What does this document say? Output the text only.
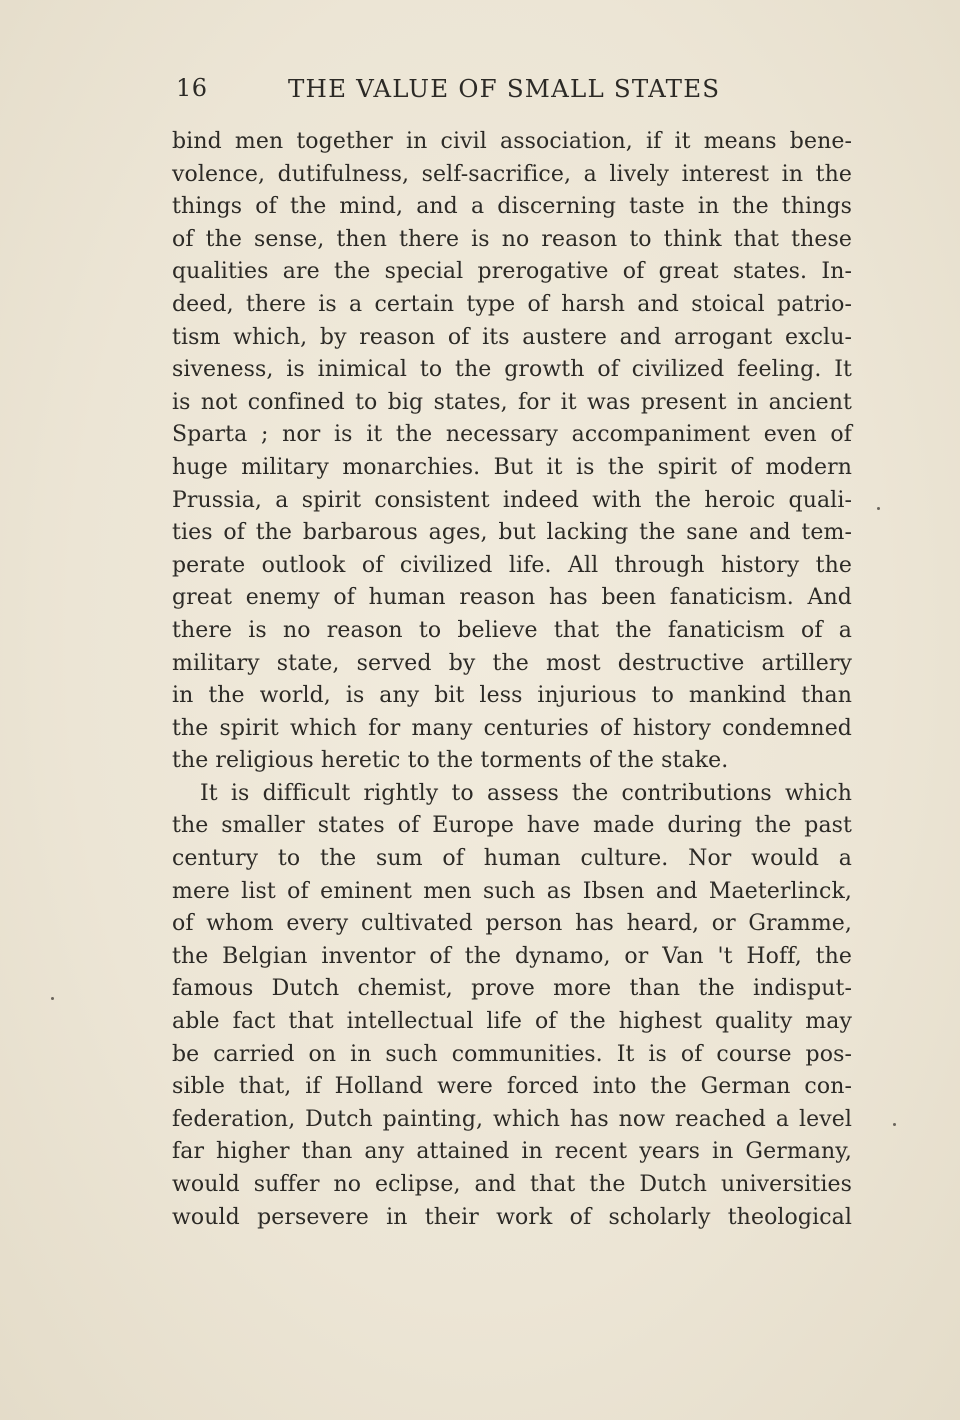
16	THE VALUE OF SMALL STATES
bind men together in civil association, if it means bene-
volence, dutifulness, self-sacrifice, a lively interest in the
things of the mind, and a discerning taste in the things
of the sense, then there is no reason to think that these
qualities are the special prerogative of great states. In-
deed, there is a certain type of harsh and stoical patrio-
tism which, by reason of its austere and arrogant exclu-
siveness, is inimical to the growth of civilized feeling. It
is not confined to big states, for it was present in ancient
Sparta ; nor is it the necessary accompaniment even of
huge military monarchies. But it is the spirit of modern
Prussia, a spirit consistent indeed with the heroic quali-
ties of the barbarous ages, but lacking the sane and tem-
perate outlook of civilized life. All through history the
great enemy of human reason has been fanaticism. And
there is no reason to believe that the fanaticism of a
military state, served by the most destructive artillery
in the world, is any bit less injurious to mankind than
the spirit which for many centuries of history condemned
the religious heretic to the torments of the stake.
It is difficult rightly to assess the contributions which
the smaller states of Europe have made during the past
century to the sum of human culture. Nor would a
mere list of eminent men such as Ibsen and Maeterlinck,
of whom every cultivated person has heard, or Gramme,
the Belgian inventor of the dynamo, or Van 't Hoff, the
famous Dutch chemist, prove more than the indisput-
able fact that intellectual life of the highest quality may
be carried on in such communities. It is of course pos-
sible that, if Holland were forced into the German con-
federation, Dutch painting, which has now reached a level
far higher than any attained in recent years in Germany,
would suffer no eclipse, and that the Dutch universities
would persevere in their work of scholarly theological
